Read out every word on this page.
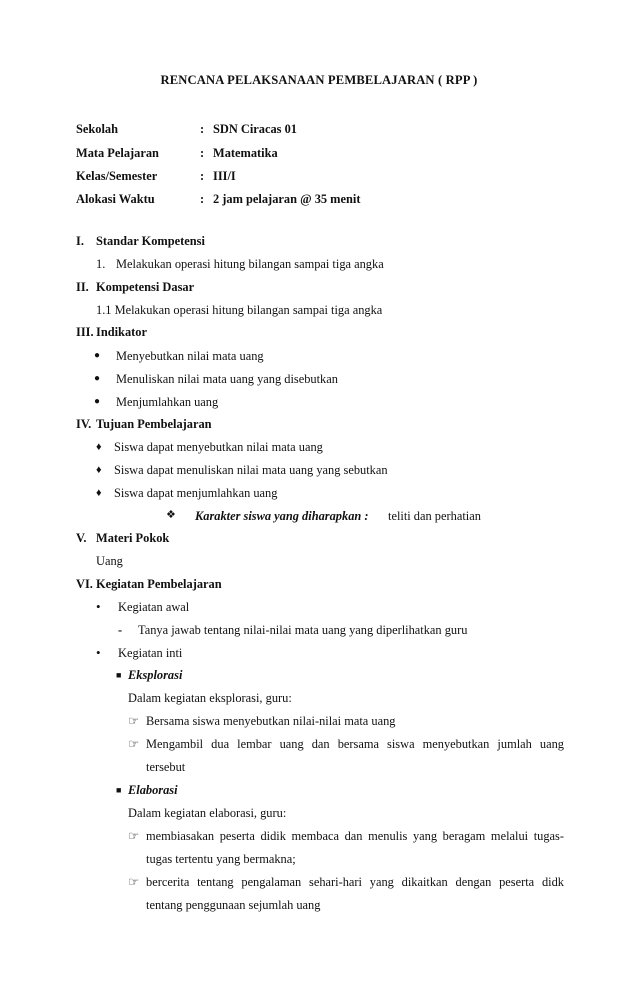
RENCANA PELAKSANAAN PEMBELAJARAN ( RPP )
Sekolah	: SDN Ciracas 01
Mata Pelajaran	: Matematika
Kelas/Semester	: III/I
Alokasi Waktu	: 2 jam pelajaran @ 35 menit
I. Standar Kompetensi
1. Melakukan operasi hitung bilangan sampai tiga angka
II. Kompetensi Dasar
1.1 Melakukan operasi hitung bilangan sampai tiga angka
III. Indikator
● Menyebutkan nilai mata uang
● Menuliskan nilai mata uang yang disebutkan
● Menjumlahkan uang
IV. Tujuan Pembelajaran
♦ Siswa dapat menyebutkan nilai mata uang
♦ Siswa dapat menuliskan nilai mata uang yang sebutkan
♦ Siswa dapat menjumlahkan uang
❖ Karakter siswa yang diharapkan : teliti dan perhatian
V. Materi Pokok
Uang
VI. Kegiatan Pembelajaran
• Kegiatan awal
- Tanya jawab tentang nilai-nilai mata uang yang diperlihatkan guru
• Kegiatan inti
■ Eksplorasi
Dalam kegiatan eksplorasi, guru:
☞ Bersama siswa menyebutkan nilai-nilai mata uang
☞ Mengambil dua lembar uang dan bersama siswa menyebutkan jumlah uang
tersebut
■ Elaborasi
Dalam kegiatan elaborasi, guru:
☞ membiasakan peserta didik membaca dan menulis yang beragam melalui tugas-
tugas tertentu yang bermakna;
☞ bercerita tentang pengalaman sehari-hari yang dikaitkan dengan peserta didk
tentang penggunaan sejumlah uang
